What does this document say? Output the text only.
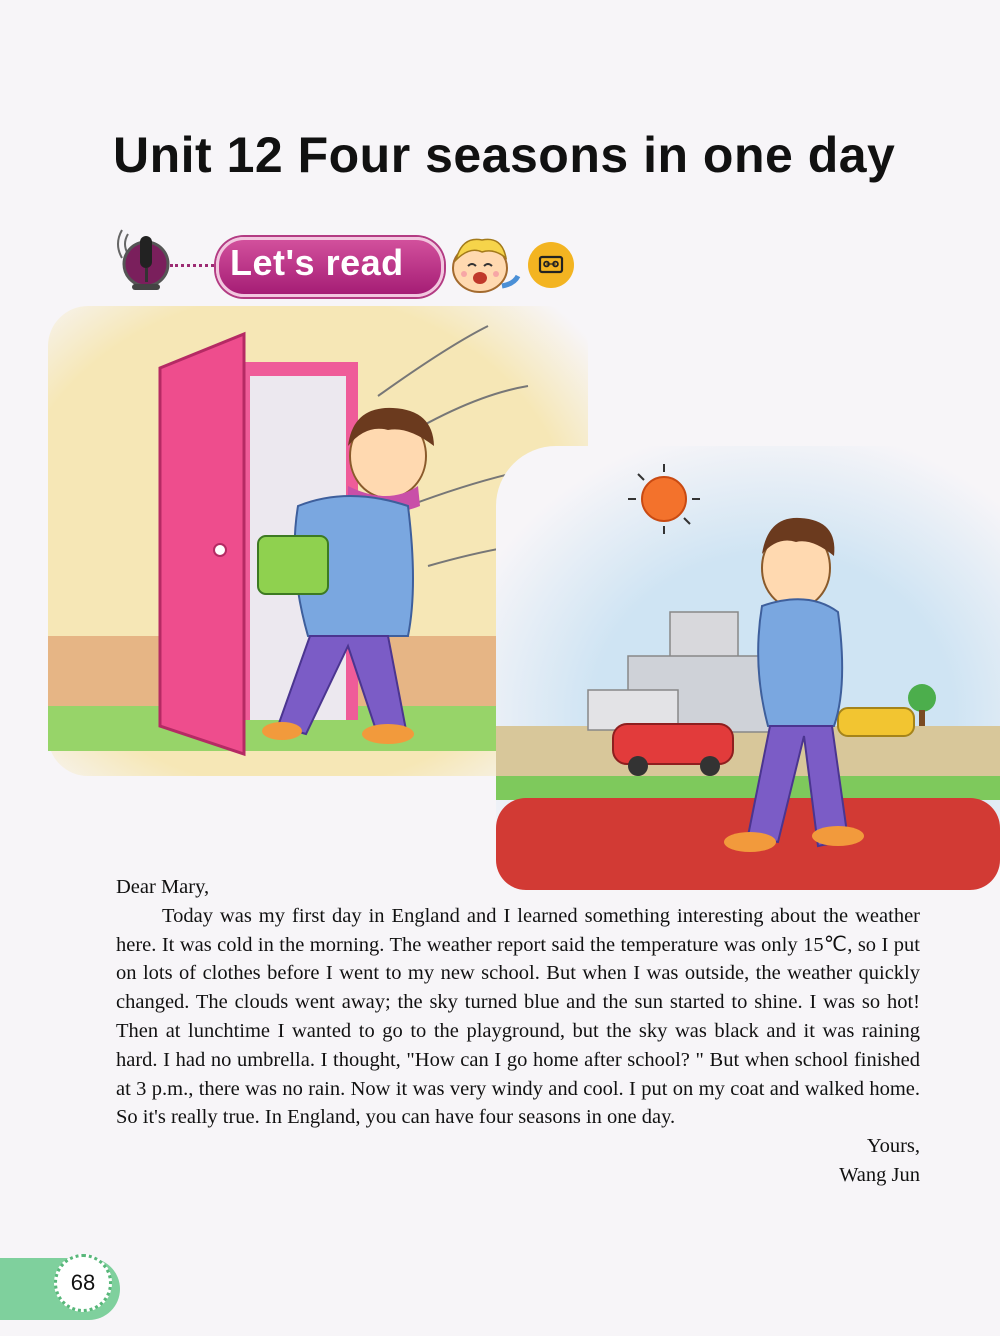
Unit 12 Four seasons in one day
Let's read

Dear Mary,

Today was my first day in England and I learned something interesting about the weather here. It was cold in the morning. The weather report said the temperature was only 15℃, so I put on lots of clothes before I went to my new school. But when I was outside, the weather quickly changed. The clouds went away; the sky turned blue and the sun started to shine. I was so hot! Then at lunchtime I wanted to go to the playground, but the sky was black and it was raining hard. I had no umbrella. I thought, "How can I go home after school? " But when school finished at 3 p.m., there was no rain. Now it was very windy and cool. I put on my coat and walked home. So it's really true. In England, you can have four seasons in one day.

Yours,

Wang Jun

68
